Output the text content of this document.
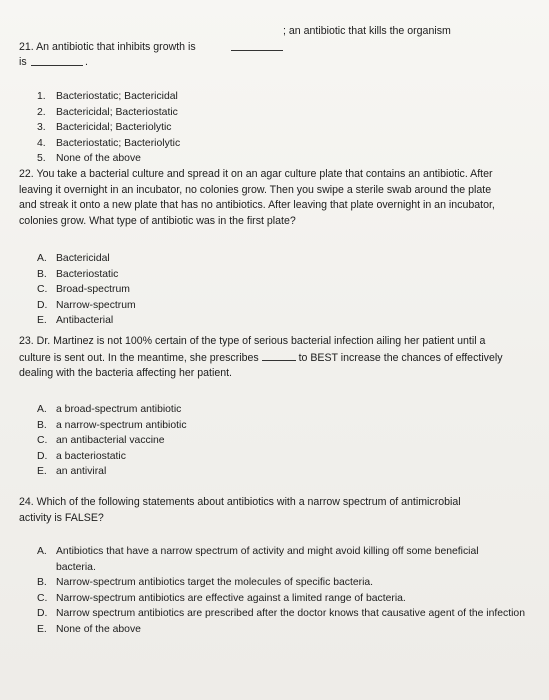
21. An antibiotic that inhibits growth is
; an antibiotic that kills the organism
is	.
1. Bacteriostatic; Bactericidal
2. Bactericidal; Bacteriostatic
3. Bactericidal; Bacteriolytic
4. Bacteriostatic; Bacteriolytic
5. None of the above
22. You take a bacterial culture and spread it on an agar culture plate that contains an antibiotic. After leaving it overnight in an incubator, no colonies grow. Then you swipe a sterile swab around the plate and streak it onto a new plate that has no antibiotics. After leaving that plate overnight in an incubator, colonies grow. What type of antibiotic was in the first plate?
A. Bactericidal
B. Bacteriostatic
C. Broad-spectrum
D. Narrow-spectrum
E. Antibacterial
23. Dr. Martinez is not 100% certain of the type of serious bacterial infection ailing her patient until a culture is sent out. In the meantime, she prescribes	to BEST increase the chances of effectively dealing with the bacteria affecting her patient.
A. a broad-spectrum antibiotic
B. a narrow-spectrum antibiotic
C. an antibacterial vaccine
D. a bacteriostatic
E. an antiviral
24. Which of the following statements about antibiotics with a narrow spectrum of antimicrobial activity is FALSE?
A. Antibiotics that have a narrow spectrum of activity and might avoid killing off some beneficial bacteria.
B. Narrow-spectrum antibiotics target the molecules of specific bacteria.
C. Narrow-spectrum antibiotics are effective against a limited range of bacteria.
D. Narrow spectrum antibiotics are prescribed after the doctor knows that causative agent of the infection
E. None of the above
